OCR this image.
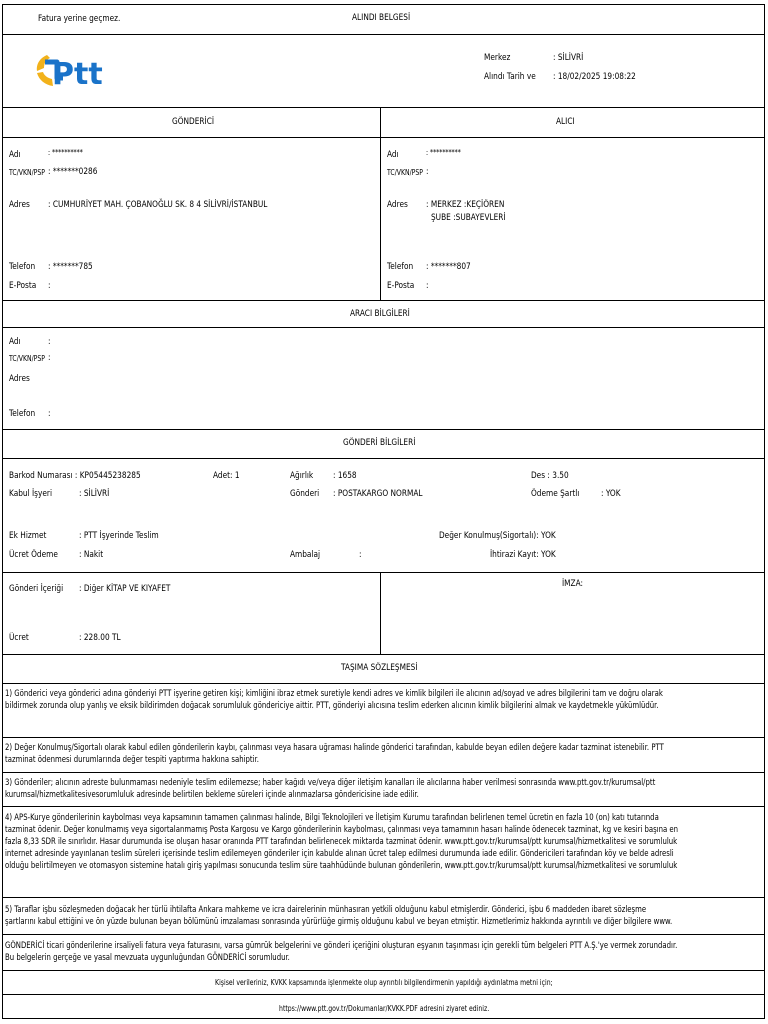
Fatura yerine geçmez.	ALINDI BELGESİ
Ptt	Merkez	: SİLİVRİ
Alındı Tarih ve : 18/02/2025 19:08:22
GÖNDERİCİ	ALICI
Adı	: **********
TC/VKN/PSP : *******0286
Adres : CUMHURİYET MAH. ÇOBANOĞLU SK. 8 4 SİLİVRİ/İSTANBUL
Telefon : *******785
E-Posta :
Adı	: **********
TC/VKN/PSP :
Adres : MERKEZ :KEÇİÖREN
ŞUBE :SUBAYEVLERİ
Telefon : *******807
E-Posta :
ARACI BİLGİLERİ
Adı	:
TC/VKN/PSP :
Adres
Telefon :
GÖNDERİ BİLGİLERİ
Barkod Numarası : KP05445238285	Adet: 1	Ağırlık : 1658	Des : 3.50
Kabul İşyeri	: SİLİVRİ	Gönderi : POSTAKARGO NORMAL	Ödeme Şartlı : YOK
Ek Hizmet	: PTT İşyerinde Teslim	Değer Konulmuş(Sigortalı): YOK
Ücret Ödeme : Nakit	Ambalaj	:	İhtirazi Kayıt: YOK
Gönderi İçeriği : Diğer KİTAP VE KIYAFET	İMZA:
Ücret	: 228.00 TL
TAŞIMA SÖZLEŞMESİ
1) Gönderici veya gönderici adına gönderiyi PTT işyerine getiren kişi; kimliğini ibraz etmek suretiyle kendi adres ve kimlik bilgileri ile alıcının ad/soyad ve adres bilgilerini tam ve doğru olarak
bildirmek zorunda olup yanlış ve eksik bildirimden doğacak sorumluluk göndericiye aittir. PTT, gönderiyi alıcısına teslim ederken alıcının kimlik bilgilerini almak ve kaydetmekle yükümlüdür.
2) Değer Konulmuş/Sigortalı olarak kabul edilen gönderilerin kaybı, çalınması veya hasara uğraması halinde gönderici tarafından, kabulde beyan edilen değere kadar tazminat istenebilir. PTT
tazminat ödenmesi durumlarında değer tespiti yaptırma hakkına sahiptir.
3) Gönderiler; alıcının adreste bulunmaması nedeniyle teslim edilemezse; haber kağıdı ve/veya diğer iletişim kanalları ile alıcılarına haber verilmesi sonrasında www.ptt.gov.tr/kurumsal/ptt
kurumsal/hizmetkalitesivesorumluluk adresinde belirtilen bekleme süreleri içinde alınmazlarsa göndericisine iade edilir.
4) APS-Kurye gönderilerinin kaybolması veya kapsamının tamamen çalınması halinde, Bilgi Teknolojileri ve İletişim Kurumu tarafından belirlenen temel ücretin en fazla 10 (on) katı tutarında
tazminat ödenir. Değer konulmamış veya sigortalanmamış Posta Kargosu ve Kargo gönderilerinin kaybolması, çalınması veya tamamının hasarı halinde ödenecek tazminat, kg ve kesiri başına en
fazla 8,33 SDR ile sınırlıdır. Hasar durumunda ise oluşan hasar oranında PTT tarafından belirlenecek miktarda tazminat ödenir. www.ptt.gov.tr/kurumsal/ptt kurumsal/hizmetkalitesi ve sorumluluk
internet adresinde yayınlanan teslim süreleri içerisinde teslim edilemeyen gönderiler için kabulde alınan ücret talep edilmesi durumunda iade edilir. Göndericileri tarafından köy ve belde adresli
olduğu belirtilmeyen ve otomasyon sistemine hatalı giriş yapılması sonucunda teslim süre taahhüdünde bulunan gönderilerin, www.ptt.gov.tr/kurumsal/ptt kurumsal/hizmetkalitesi ve sorumluluk
5) Taraflar işbu sözleşmeden doğacak her türlü ihtilafta Ankara mahkeme ve icra dairelerinin münhasıran yetkili olduğunu kabul etmişlerdir. Gönderici, işbu 6 maddeden ibaret sözleşme
şartlarını kabul ettiğini ve ön yüzde bulunan beyan bölümünü imzalaması sonrasında yürürlüğe girmiş olduğunu kabul ve beyan etmiştir. Hizmetlerimiz hakkında ayrıntılı ve diğer bilgilere www.
GÖNDERİCİ ticari gönderilerine irsaliyeli fatura veya faturasını, varsa gümrük belgelerini ve gönderi içeriğini oluşturan eşyanın taşınması için gerekli tüm belgeleri PTT A.Ş.'ye vermek zorundadır.
Bu belgelerin gerçeğe ve yasal mevzuata uygunluğundan GÖNDERİCİ sorumludur.
Kişisel verileriniz, KVKK kapsamında işlenmekte olup ayrıntılı bilgilendirmenin yapıldığı aydınlatma metni için;
https://www.ptt.gov.tr/Dokumanlar/KVKK.PDF adresini ziyaret ediniz.
